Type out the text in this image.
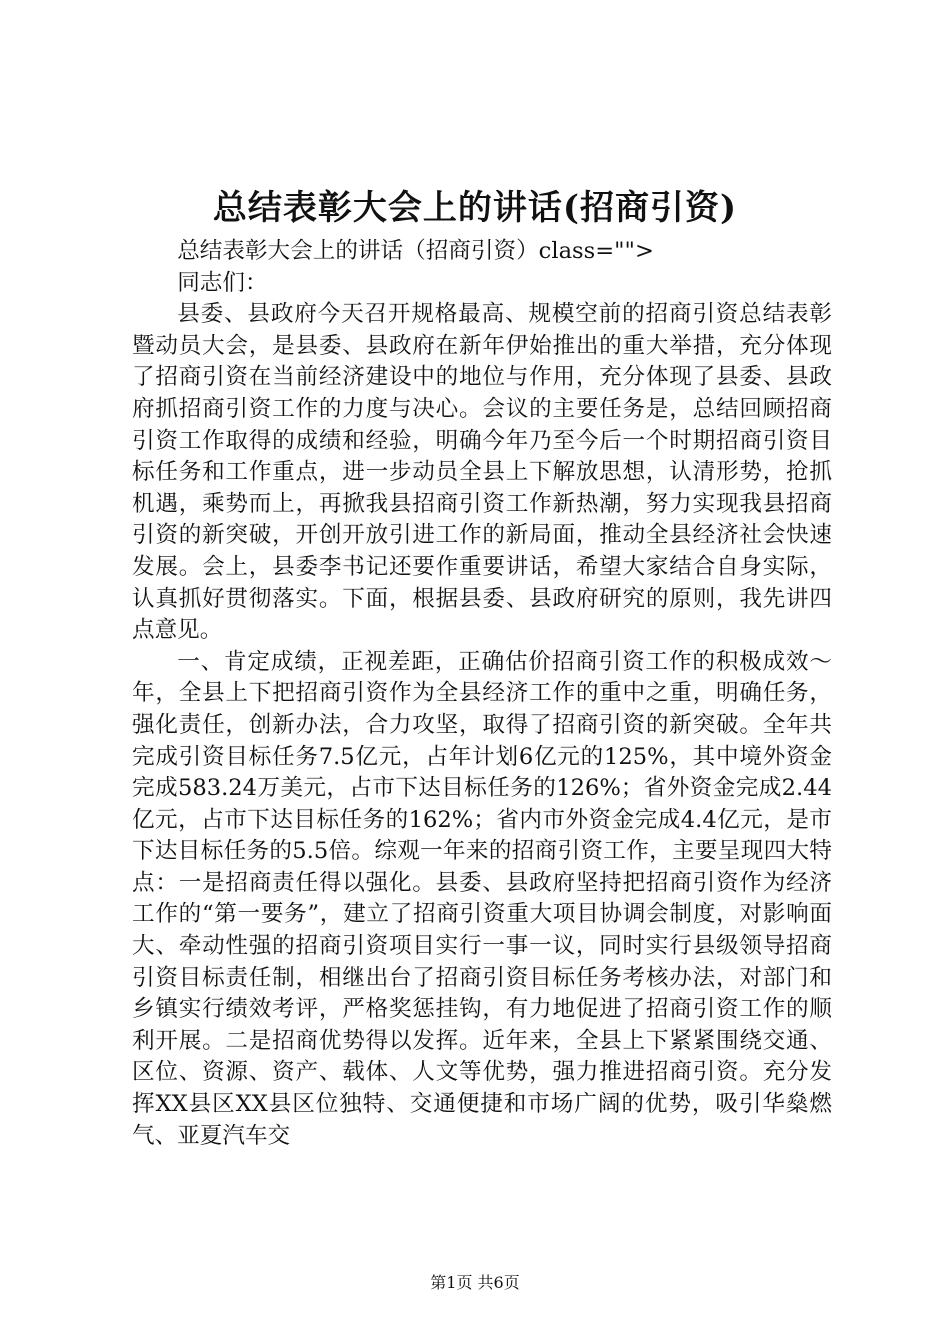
总结表彰大会上的讲话(招商引资)

总结表彰大会上的讲话（招商引资）class="">

同志们：

县委、县政府今天召开规格最高、规模空前的招商引资总结表彰暨动员大会，是县委、县政府在新年伊始推出的重大举措，充分体现了招商引资在当前经济建设中的地位与作用，充分体现了县委、县政府抓招商引资工作的力度与决心。会议的主要任务是，总结回顾招商引资工作取得的成绩和经验，明确今年乃至今后一个时期招商引资目标任务和工作重点，进一步动员全县上下解放思想，认清形势，抢抓机遇，乘势而上，再掀我县招商引资工作新热潮，努力实现我县招商引资的新突破，开创开放引进工作的新局面，推动全县经济社会快速发展。会上，县委李书记还要作重要讲话，希望大家结合自身实际，认真抓好贯彻落实。下面，根据县委、县政府研究的原则，我先讲四点意见。

一、肯定成绩，正视差距，正确估价招商引资工作的积极成效～年，全县上下把招商引资作为全县经济工作的重中之重，明确任务，强化责任，创新办法，合力攻坚，取得了招商引资的新突破。全年共完成引资目标任务7.5亿元，占年计划6亿元的125%，其中境外资金完成583.24万美元，占市下达目标任务的126%；省外资金完成2.44亿元，占市下达目标任务的162%；省内市外资金完成4.4亿元，是市下达目标任务的5.5倍。综观一年来的招商引资工作，主要呈现四大特点：一是招商责任得以强化。县委、县政府坚持把招商引资作为经济工作的“第一要务”，建立了招商引资重大项目协调会制度，对影响面大、牵动性强的招商引资项目实行一事一议，同时实行县级领导招商引资目标责任制，相继出台了招商引资目标任务考核办法，对部门和乡镇实行绩效考评，严格奖惩挂钩，有力地促进了招商引资工作的顺利开展。二是招商优势得以发挥。近年来，全县上下紧紧围绕交通、区位、资源、资产、载体、人文等优势，强力推进招商引资。充分发挥XX县区XX县区位独特、交通便捷和市场广阔的优势，吸引华燊燃气、亚夏汽车交

第1页 共6页
